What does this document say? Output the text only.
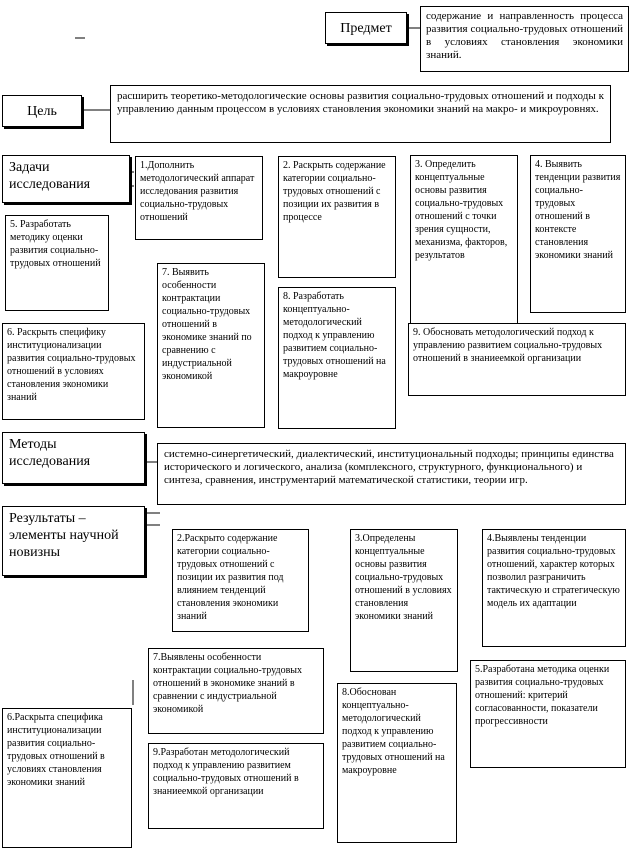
Предмет
содержание и направленность процесса развития социально-трудовых отношений в условиях становления экономики знаний.
Цель
расширить теоретико-методологические основы развития социально-трудовых отношений и подходы к управлению данным процессом в условиях становления экономики знаний на макро- и микроуровнях.
Задачи исследования
1.Дополнить методологический аппарат исследования развития социально-трудовых отношений
2. Раскрыть содержание категории социально-трудовых отношений с позиции их развития в процессе
3. Определить концептуальные основы развития социально-трудовых отношений с точки зрения сущности, механизма, факторов, результатов
4. Выявить тенденции развития социально-трудовых отношений в контексте становления экономики знаний
5. Разработать методику оценки развития социально-трудовых отношений
7. Выявить особенности контрактации социально-трудовых отношений в экономике знаний по сравнению с индустриальной экономикой
8. Разработать концептуально-методологический подход к управлению развитием социально-трудовых отношений на макроуровне
6. Раскрыть специфику институционализации развития социально-трудовых отношений в условиях становления экономики знаний
9. Обосновать методологический подход к управлению развитием социально-трудовых отношений в знаниеемкой организации
Методы исследования	системно-синергетический, диалектический, институциональный подходы; принципы единства исторического и логического, анализа (комплексного, структурного, функционального) и синтеза, сравнения, инструментарий математической статистики, теории игр.
Результаты – элементы научной новизны
2.Раскрыто содержание категории социально-трудовых отношений с позиции их развития под влиянием тенденций становления экономики знаний
3.Определены концептуальные основы развития социально-трудовых отношений в условиях становления экономики знаний
4.Выявлены тенденции развития социально-трудовых отношений, характер которых позволил разграничить тактическую и стратегическую модель их адаптации
7.Выявлены особенности контрактации социально-трудовых отношений в экономике знаний в сравнении с индустриальной экономикой
8.Обоснован концептуально-методологический подход к управлению развитием социально-трудовых отношений на макроуровне
5.Разработана методика оценки развития социально-трудовых отношений: критерий согласованности, показатели прогрессивности
6.Раскрыта специфика институционализации развития социально-трудовых отношений в условиях становления экономики знаний
9.Разработан методологический подход к управлению развитием социально-трудовых отношений в знаниеемкой организации
